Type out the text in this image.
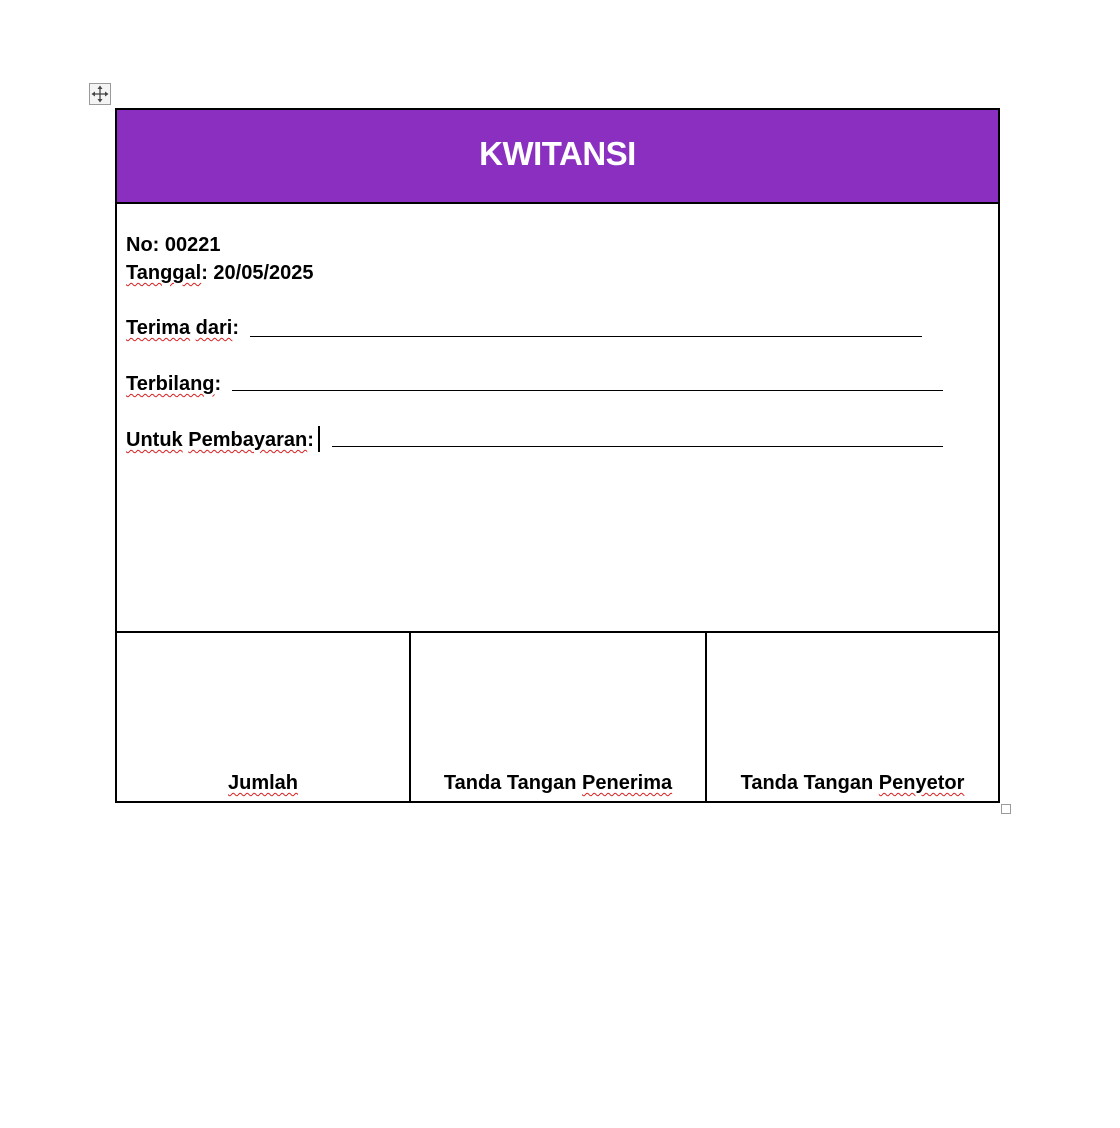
KWITANSI
No: 00221
Tanggal: 20/05/2025
Terima dari:
Terbilang:
Untuk Pembayaran:
Jumlah	Tanda Tangan Penerima	Tanda Tangan Penyetor
